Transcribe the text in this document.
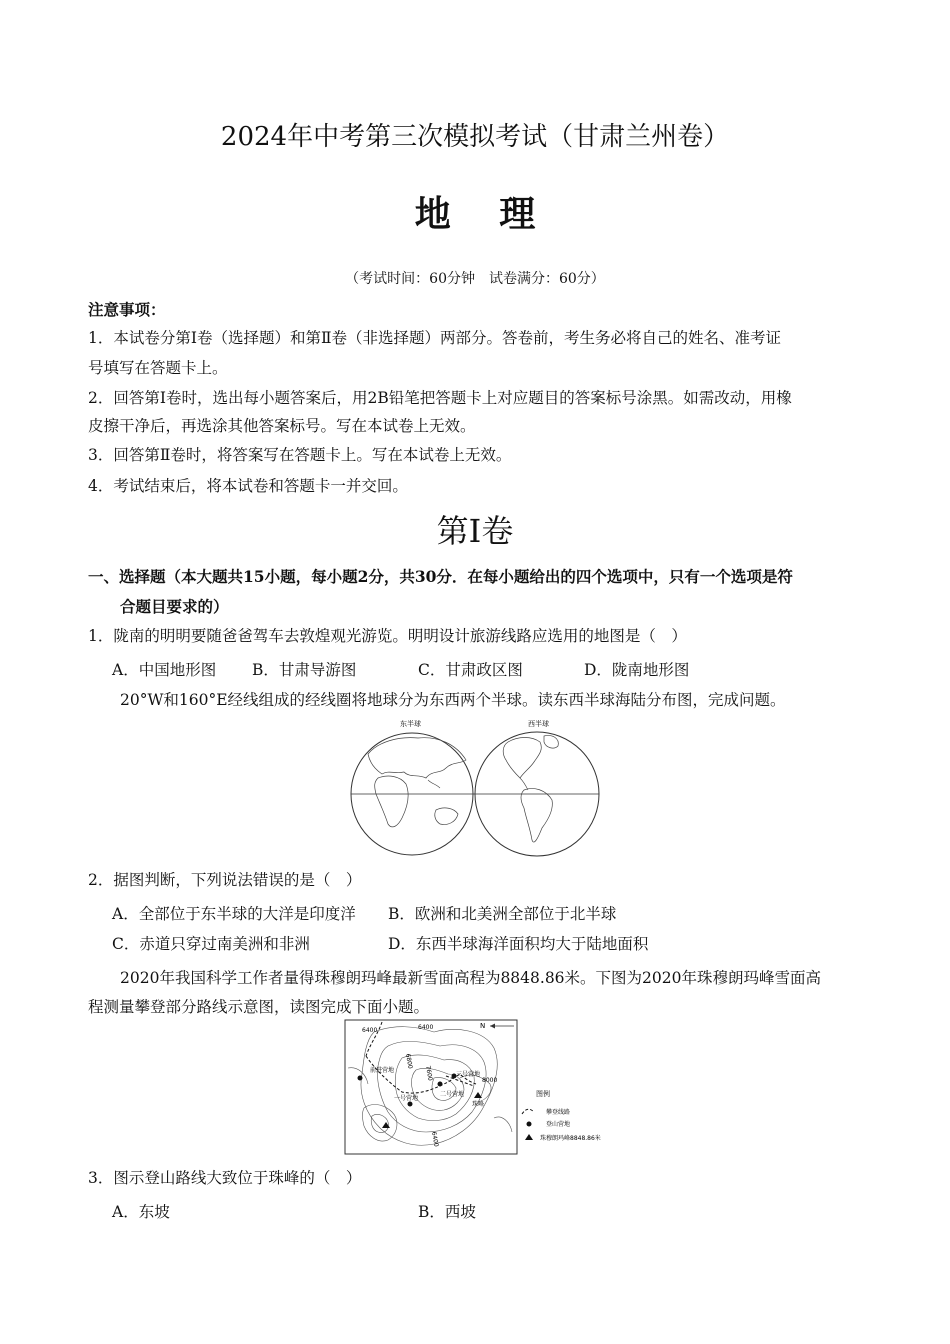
2024年中考第三次模拟考试（甘肃兰州卷）
地 理
（考试时间：60分钟　试卷满分：60分）
注意事项：
1．本试卷分第Ⅰ卷（选择题）和第Ⅱ卷（非选择题）两部分。答卷前，考生务必将自己的姓名、准考证
号填写在答题卡上。
2．回答第Ⅰ卷时，选出每小题答案后，用2B铅笔把答题卡上对应题目的答案标号涂黑。如需改动，用橡
皮擦干净后，再选涂其他答案标号。写在本试卷上无效。
3．回答第Ⅱ卷时，将答案写在答题卡上。写在本试卷上无效。
4．考试结束后，将本试卷和答题卡一并交回。
第Ⅰ卷
一、选择题（本大题共15小题，每小题2分，共30分．在每小题给出的四个选项中，只有一个选项是符
合题目要求的）
1．陇南的明明要随爸爸驾车去敦煌观光游览。明明设计旅游线路应选用的地图是（　）
A．中国地形图 B．甘肃导游图	C．甘肃政区图	D．陇南地形图
20°W和160°E经线组成的经线圈将地球分为东西两个半球。读东西半球海陆分布图，完成问题。
东半球	西半球
2．据图判断，下列说法错误的是（　）
A．全部位于东半球的大洋是印度洋 B．欧洲和北美洲全部位于北半球
C．赤道只穿过南美洲和非洲	D．东西半球海洋面积均大于陆地面积
2020年我国科学工作者量得珠穆朗玛峰最新雪面高程为8848.86米。下图为2020年珠穆朗玛峰雪面高
程测量攀登部分路线示意图，读图完成下面小题。
6400	6400
6800
7600	8000
6400
N
前进营地
一号营地
二号营地
三号营地
珠峰
图例
攀登线路
登山营地
珠穆朗玛峰8848.86米
3．图示登山路线大致位于珠峰的（　）
A．东坡	B．西坡
